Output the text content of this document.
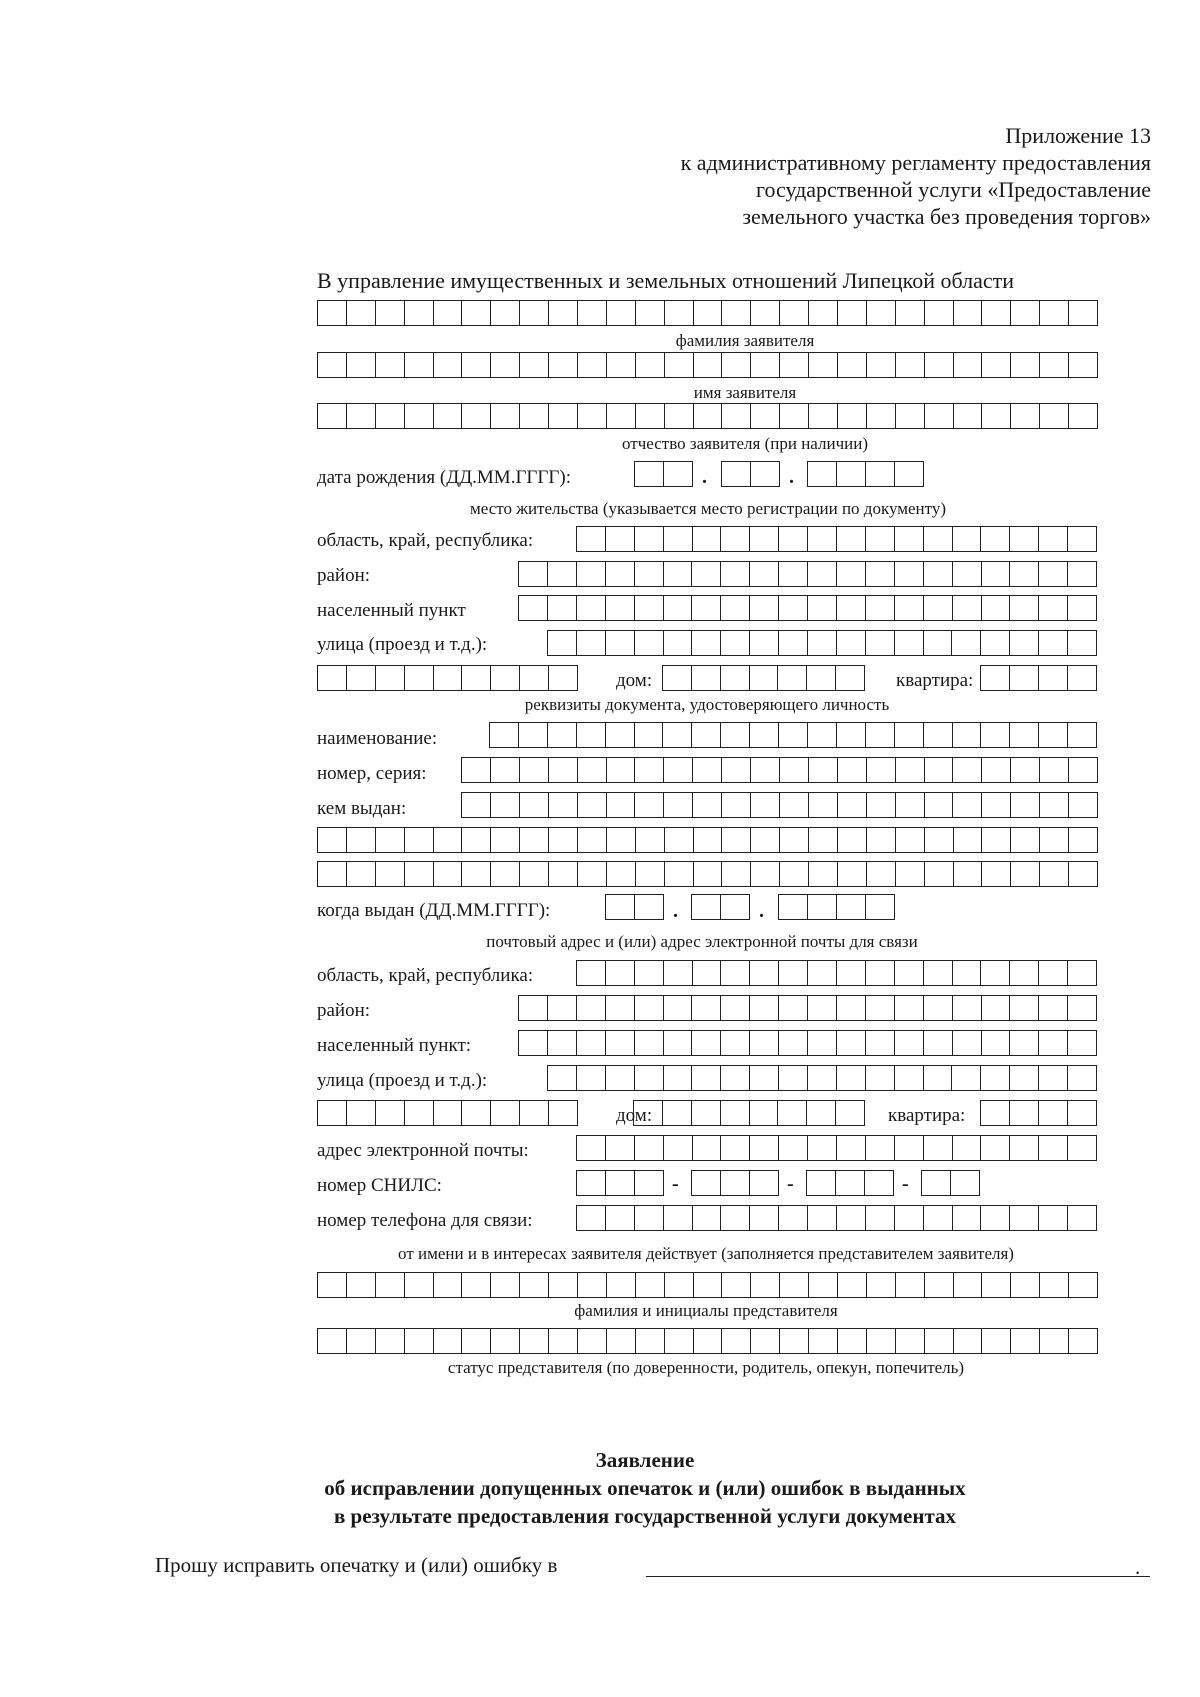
Приложение 13
к административному регламенту предоставления
государственной услуги «Предоставление
земельного участка без проведения торгов»
В управление имущественных и земельных отношений Липецкой области
фамилия заявителя
имя заявителя
отчество заявителя (при наличии)
дата рождения (ДД.ММ.ГГГГ):	.	.
место жительства (указывается место регистрации по документу)
область, край, республика:
район:
населенный пункт
улица (проезд и т.д.):
дом:	квартира:
реквизиты документа, удостоверяющего личность
наименование:
номер, серия:
кем выдан:
когда выдан (ДД.ММ.ГГГГ):	.	.
почтовый адрес и (или) адрес электронной почты для связи
область, край, республика:
район:
населенный пункт:
улица (проезд и т.д.):
дом:	квартира:
адрес электронной почты:
номер СНИЛС:	-	-	-
номер телефона для связи:
от имени и в интересах заявителя действует (заполняется представителем заявителя)
фамилия и инициалы представителя
статус представителя (по доверенности, родитель, опекун, попечитель)
Заявление
об исправлении допущенных опечаток и (или) ошибок в выданных
в результате предоставления государственной услуги документах
Прошу исправить опечатку и (или) ошибку в	.
